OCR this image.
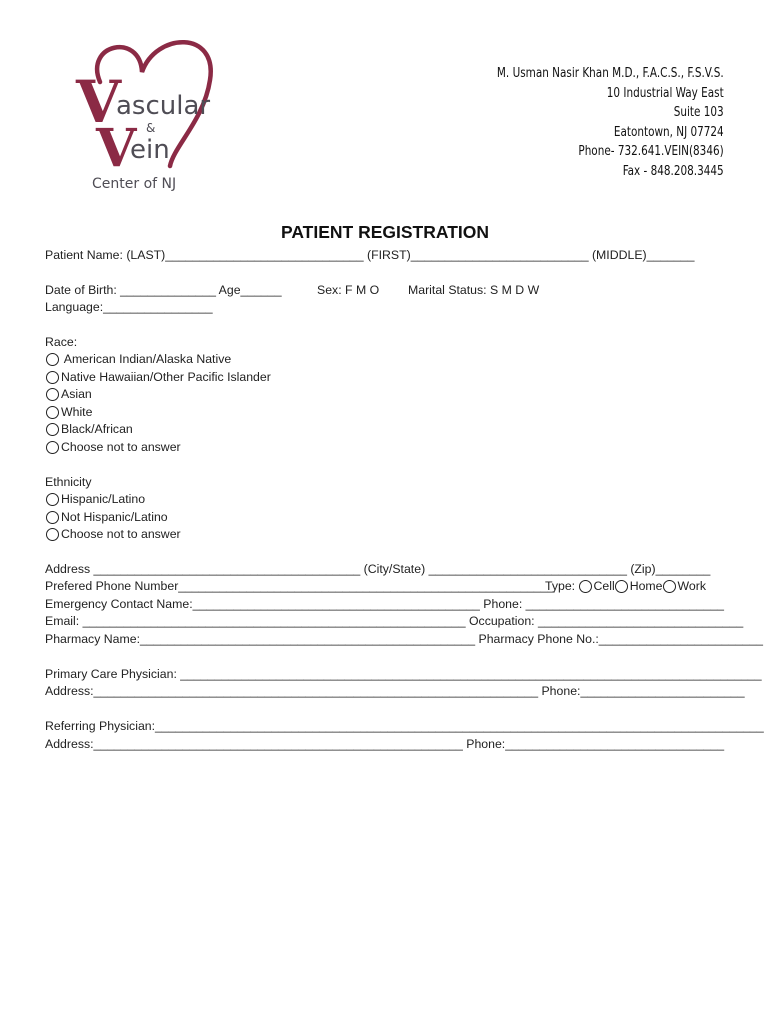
V
ascular
&
V
ein
Center of NJ
M. Usman Nasir Khan M.D., F.A.C.S., F.S.V.S.
10 Industrial Way East
Suite 103
Eatontown, NJ 07724
Phone- 732.641.VEIN(8346)
Fax - 848.208.3445
PATIENT REGISTRATION
Patient Name: (LAST)_____________________________ (FIRST)__________________________ (MIDDLE)_______
Date of Birth: ______________ Age______	Sex: F M O Marital Status: S M D W
Language:________________
Race:
American Indian/Alaska Native
Native Hawaiian/Other Pacific Islander
Asian
White
Black/African
Choose not to answer
Ethnicity
Hispanic/Latino
Not Hispanic/Latino
Choose not to answer
Address _______________________________________ (City/State) _____________________________ (Zip)________
Prefered Phone Number_______________________________________________________
Type: Cell Home Work
Emergency Contact Name:__________________________________________ Phone: _____________________________
Email: ________________________________________________________ Occupation: ______________________________
Pharmacy Name:_________________________________________________ Pharmacy Phone No.:________________________
Primary Care Physician: _____________________________________________________________________________________
Address:_________________________________________________________________ Phone:________________________
Referring Physician:_________________________________________________________________________________________
Address:______________________________________________________ Phone:________________________________
